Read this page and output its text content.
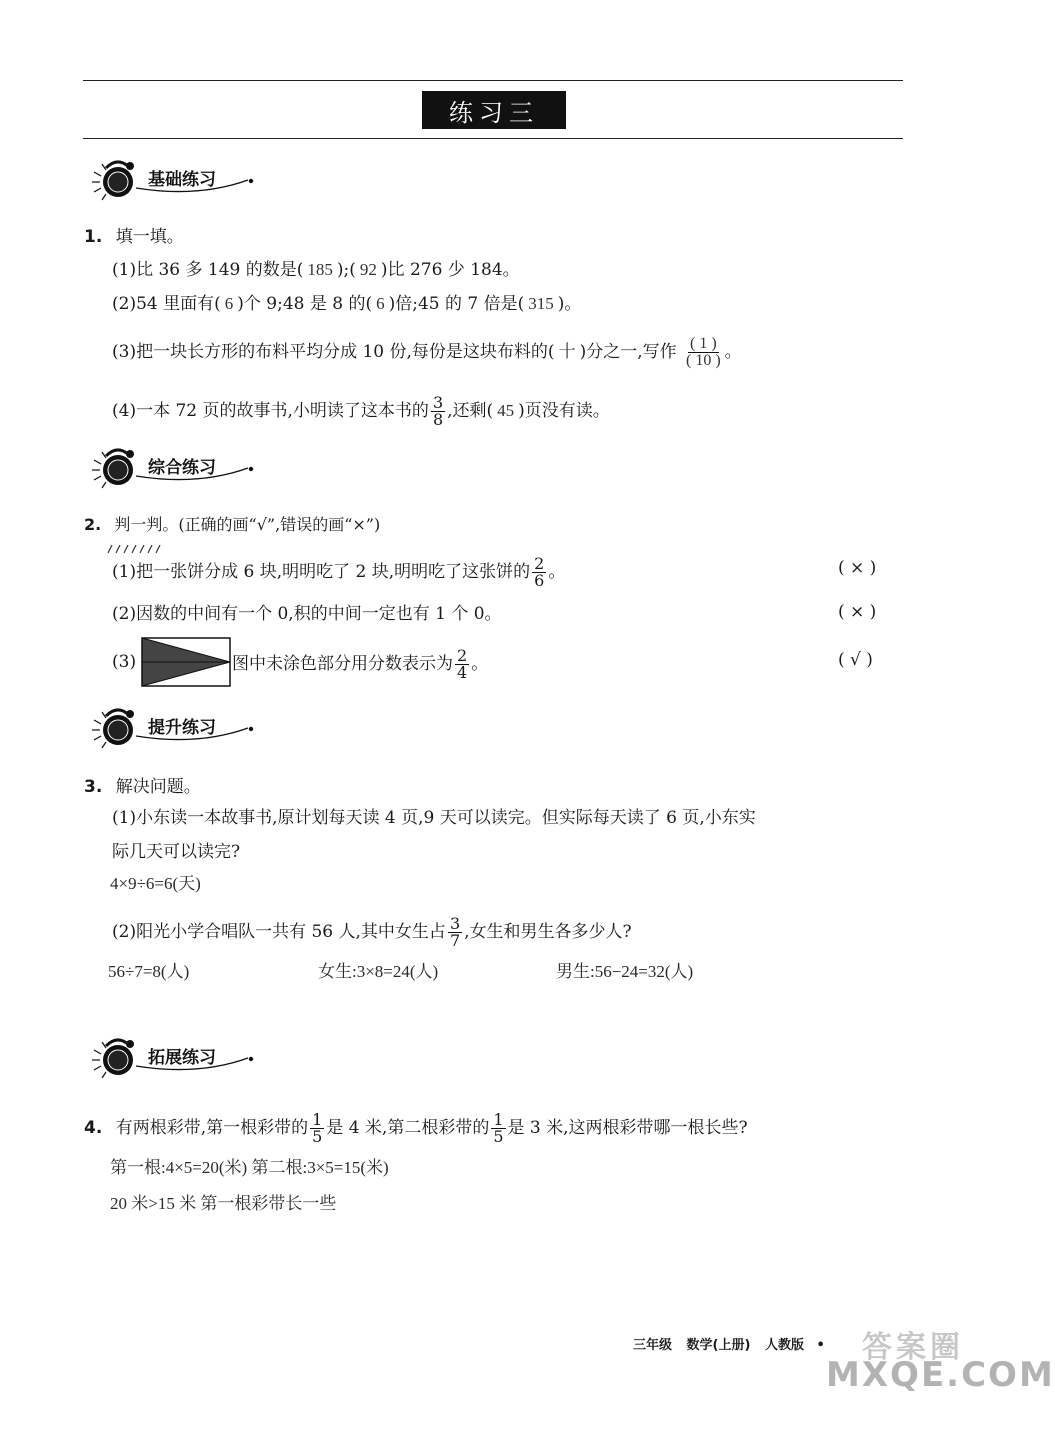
练习三
基础练习
1. 填一填。
(1)比 36 多 149 的数是( 185 );( 92 )比 276 少 184。
(2)54 里面有( 6 )个 9;48 是 8 的( 6 )倍;45 的 7 倍是( 315 )。
(3)把一块长方形的布料平均分成 10 份,每份是这块布料的( 十 )分之一,写作 $\frac{( 1 )}{( 10 )}$ 。
(4)一本 72 页的故事书,小明读了这本书的 $\frac{3}{8}$ ,还剩( 45 )页没有读。
综合练习
2. 判一判。(正确的画“√”,错误的画“×”)
(1)把一张饼分成 6 块,明明吃了 2 块,明明吃了这张饼的 $\frac{2}{6}$ 。	( × )
(2)因数的中间有一个 0,积的中间一定也有 1 个 0。	( × )
(3)	图中未涂色部分用分数表示为 $\frac{2}{4}$ 。	( √ )
提升练习
3. 解决问题。
(1)小东读一本故事书,原计划每天读 4 页,9 天可以读完。但实际每天读了 6 页,小东实
际几天可以读完?
4×9÷6=6(天)
(2)阳光小学合唱队一共有 56 人,其中女生占 $\frac{3}{7}$ ,女生和男生各多少人?
56÷7=8(人)	女生:3×8=24(人)	男生:56−24=32(人)
拓展练习
4. 有两根彩带,第一根彩带的 $\frac{1}{5}$ 是 4 米,第二根彩带的 $\frac{1}{5}$ 是 3 米,这两根彩带哪一根长些?
第一根:4×5=20(米) 第二根:3×5=15(米)
20 米>15 米 第一根彩带长一些
三年级 数学(上册) 人教版 • 答案圈
MXQE.COM
